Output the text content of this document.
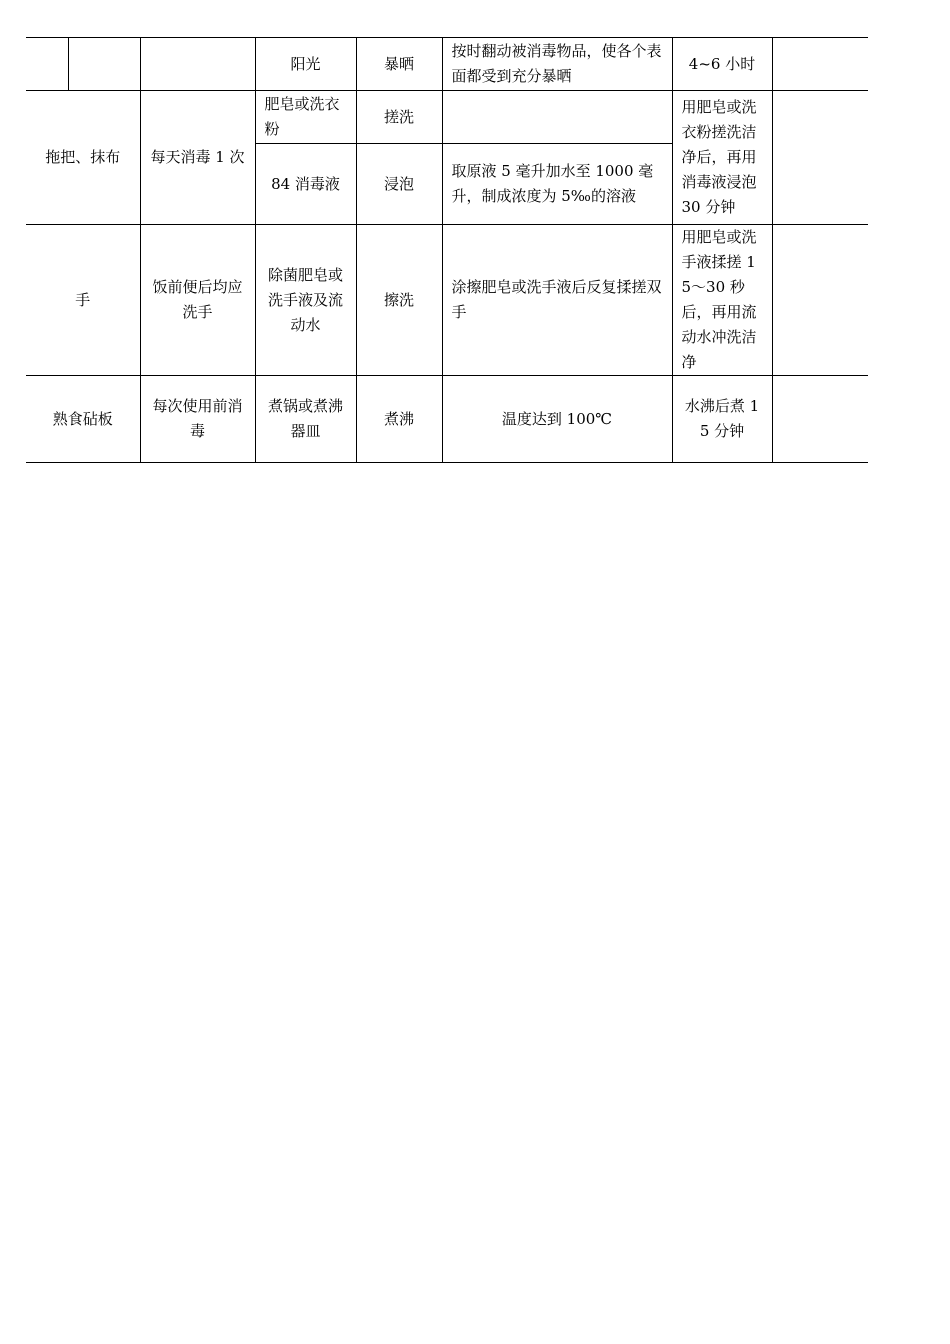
			阳光	暴晒	按时翻动被消毒物品，使各个表面都受到充分暴晒	4~6 小时	
拖把、抹布		每天消毒 1 次	肥皂或洗衣粉	搓洗		用肥皂或洗衣粉搓洗洁净后，再用消毒液浸泡 30 分钟	
			84 消毒液	浸泡	取原液 5 毫升加水至 1000 毫升，制成浓度为 5‰的溶液		
手		饭前便后均应洗手	除菌肥皂或洗手液及流动水	擦洗	涂擦肥皂或洗手液后反复揉搓双手	用肥皂或洗手液揉搓 15～30 秒后，再用流动水冲洗洁净	
熟食砧板		每次使用前消毒	煮锅或煮沸器皿	煮沸	温度达到 100℃	水沸后煮 15 分钟	
